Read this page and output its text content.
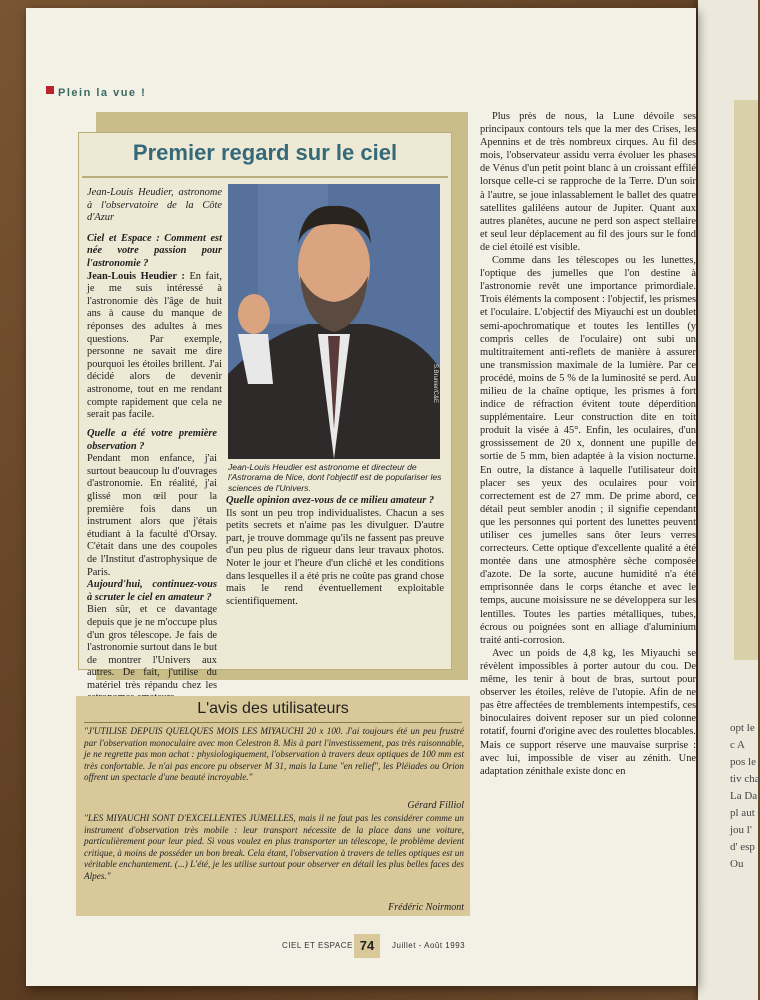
opt le c A pos le tiv cha La Da pl aut jou l' d' esp Ou
Plein la vue !
Premier regard sur le ciel

Jean-Louis Heudier, astronome à l'observatoire de la Côte d'Azur

Ciel et Espace : Comment est née votre passion pour l'astronomie ?

Jean-Louis Heudier : En fait, je me suis intéressé à l'astronomie dès l'âge de huit ans à cause du manque de réponses des adultes à mes questions. Par exemple, personne ne savait me dire pourquoi les étoiles brillent. J'ai décidé alors de devenir astronome, tout en me rendant compte rapidement que cela ne serait pas facile.

Quelle a été votre première observation ?

Pendant mon enfance, j'ai surtout beaucoup lu d'ouvrages d'astronomie. En réalité, j'ai glissé mon œil pour la première fois dans un instrument alors que j'étais étudiant à la faculté d'Orsay. C'était dans une des coupoles de l'Institut d'astrophysique de Paris.

Aujourd'hui, continuez-vous à scruter le ciel en amateur ?

Bien sûr, et ce davantage depuis que je ne m'occupe plus d'un gros télescope. Je fais de l'astronomie surtout dans le but de montrer l'Univers aux autres. De fait, j'utilise du matériel très répandu chez les

S.Brunier/C&E
Jean-Louis Heudier est astronome et directeur de l'Astrorama de Nice, dont l'objectif est de populariser les sciences de l'Univers.

Quelle opinion avez-vous de ce milieu amateur ?

Ils sont un peu trop individualistes. Chacun a ses petits secrets et n'aime pas les divulguer. D'autre part, je trouve dommage qu'ils ne fassent pas preuve d'un peu plus de rigueur dans leur travaux photos. Noter le jour et l'heure d'un cliché et les conditions dans lesquelles il a été pris ne coûte pas grand chose mais le rend éventuellement exploitable scientifiquement.

L'avis des utilisateurs
"J'UTILISE DEPUIS QUELQUES MOIS LES MIYAUCHI 20 x 100. J'ai toujours été un peu frustré par l'observation monoculaire avec mon Celestron 8. Mis à part l'investissement, pas très raisonnable, je ne regrette pas mon achat : physiologiquement, l'observation à travers deux optiques de 100 mm est très confortable. Je n'ai pas encore pu observer M 31, mais la Lune "en relief", les Pléiades ou Orion offrent un spectacle d'une beauté incroyable."
Gérard Filliol
"LES MIYAUCHI SONT D'EXCELLENTES JUMELLES, mais il ne faut pas les considérer comme un instrument d'observation très mobile : leur transport nécessite de la place dans une voiture, particulièrement pour leur pied. Si vous voulez en plus transporter un télescope, le problème devient critique, à moins de posséder un bon break. Cela étant, l'observation à travers de telles optiques est un véritable enchantement. (...) L'été, je les utilise surtout pour observer en détail les plus belles faces des Alpes."
Frédéric Noirmont

Plus près de nous, la Lune dévoile ses principaux contours tels que la mer des Crises, les Apennins et de très nombreux cirques. Au fil des mois, l'observateur assidu verra évoluer les phases de Vénus d'un petit point blanc à un croissant effilé lorsque celle-ci se rapproche de la Terre. D'un soir à l'autre, se joue inlassablement le ballet des quatre satellites galiléens autour de Jupiter. Quant aux autres planètes, aucune ne perd son aspect stellaire et seul leur déplacement au fil des jours sur le fond de ciel étoilé est visible.

Comme dans les télescopes ou les lunettes, l'optique des jumelles que l'on destine à l'astronomie revêt une importance primordiale. Trois éléments la composent : l'objectif, les prismes et l'oculaire. L'objectif des Miyauchi est un doublet semi-apochromatique et toutes les lentilles (y compris celles de l'oculaire) ont subi un multitraitement anti-reflets de manière à assurer une transmission maximale de la lumière. Par ce procédé, moins de 5 % de la luminosité se perd. Au milieu de la chaîne optique, les prismes à fort indice de réfraction évitent toute déperdition supplémentaire. Leur construction dite en toit produit la visée à 45°. Enfin, les oculaires, d'un grossissement de 20 x, donnent une pupille de sortie de 5 mm, bien adaptée à la vision nocturne. En outre, la distance à laquelle l'utilisateur doit placer ses yeux des oculaires pour voir correctement est de 27 mm. De prime abord, ce détail peut sembler anodin ; il signifie cependant que les personnes qui portent des lunettes peuvent utiliser ces jumelles sans ôter leurs verres correcteurs. Cette optique d'excellente qualité a été montée dans une atmosphère sèche composée d'azote. De la sorte, aucune humidité n'a été emprisonnée dans le corps étanche et avec le temps, aucune moisissure ne se développera sur les lentilles. Toutes les parties métalliques, tubes, écrous ou poignées sont en alliage d'aluminium traité anti-corrosion.

Avec un poids de 4,8 kg, les Miyauchi se révèlent impossibles à porter autour du cou. De même, les tenir à bout de bras, surtout pour observer les étoiles, relève de l'utopie. Afin de ne pas être affectées de tremblements intempestifs, ces binoculaires doivent reposer sur un pied colonne rotatif, fourni d'origine avec des roulettes blocables. Mais ce support réserve une mauvaise surprise : avec lui, impossible de viser au zénith. Une adaptation zénithale existe donc en

CIEL ET ESPACE 74	Juillet - Août 1993
